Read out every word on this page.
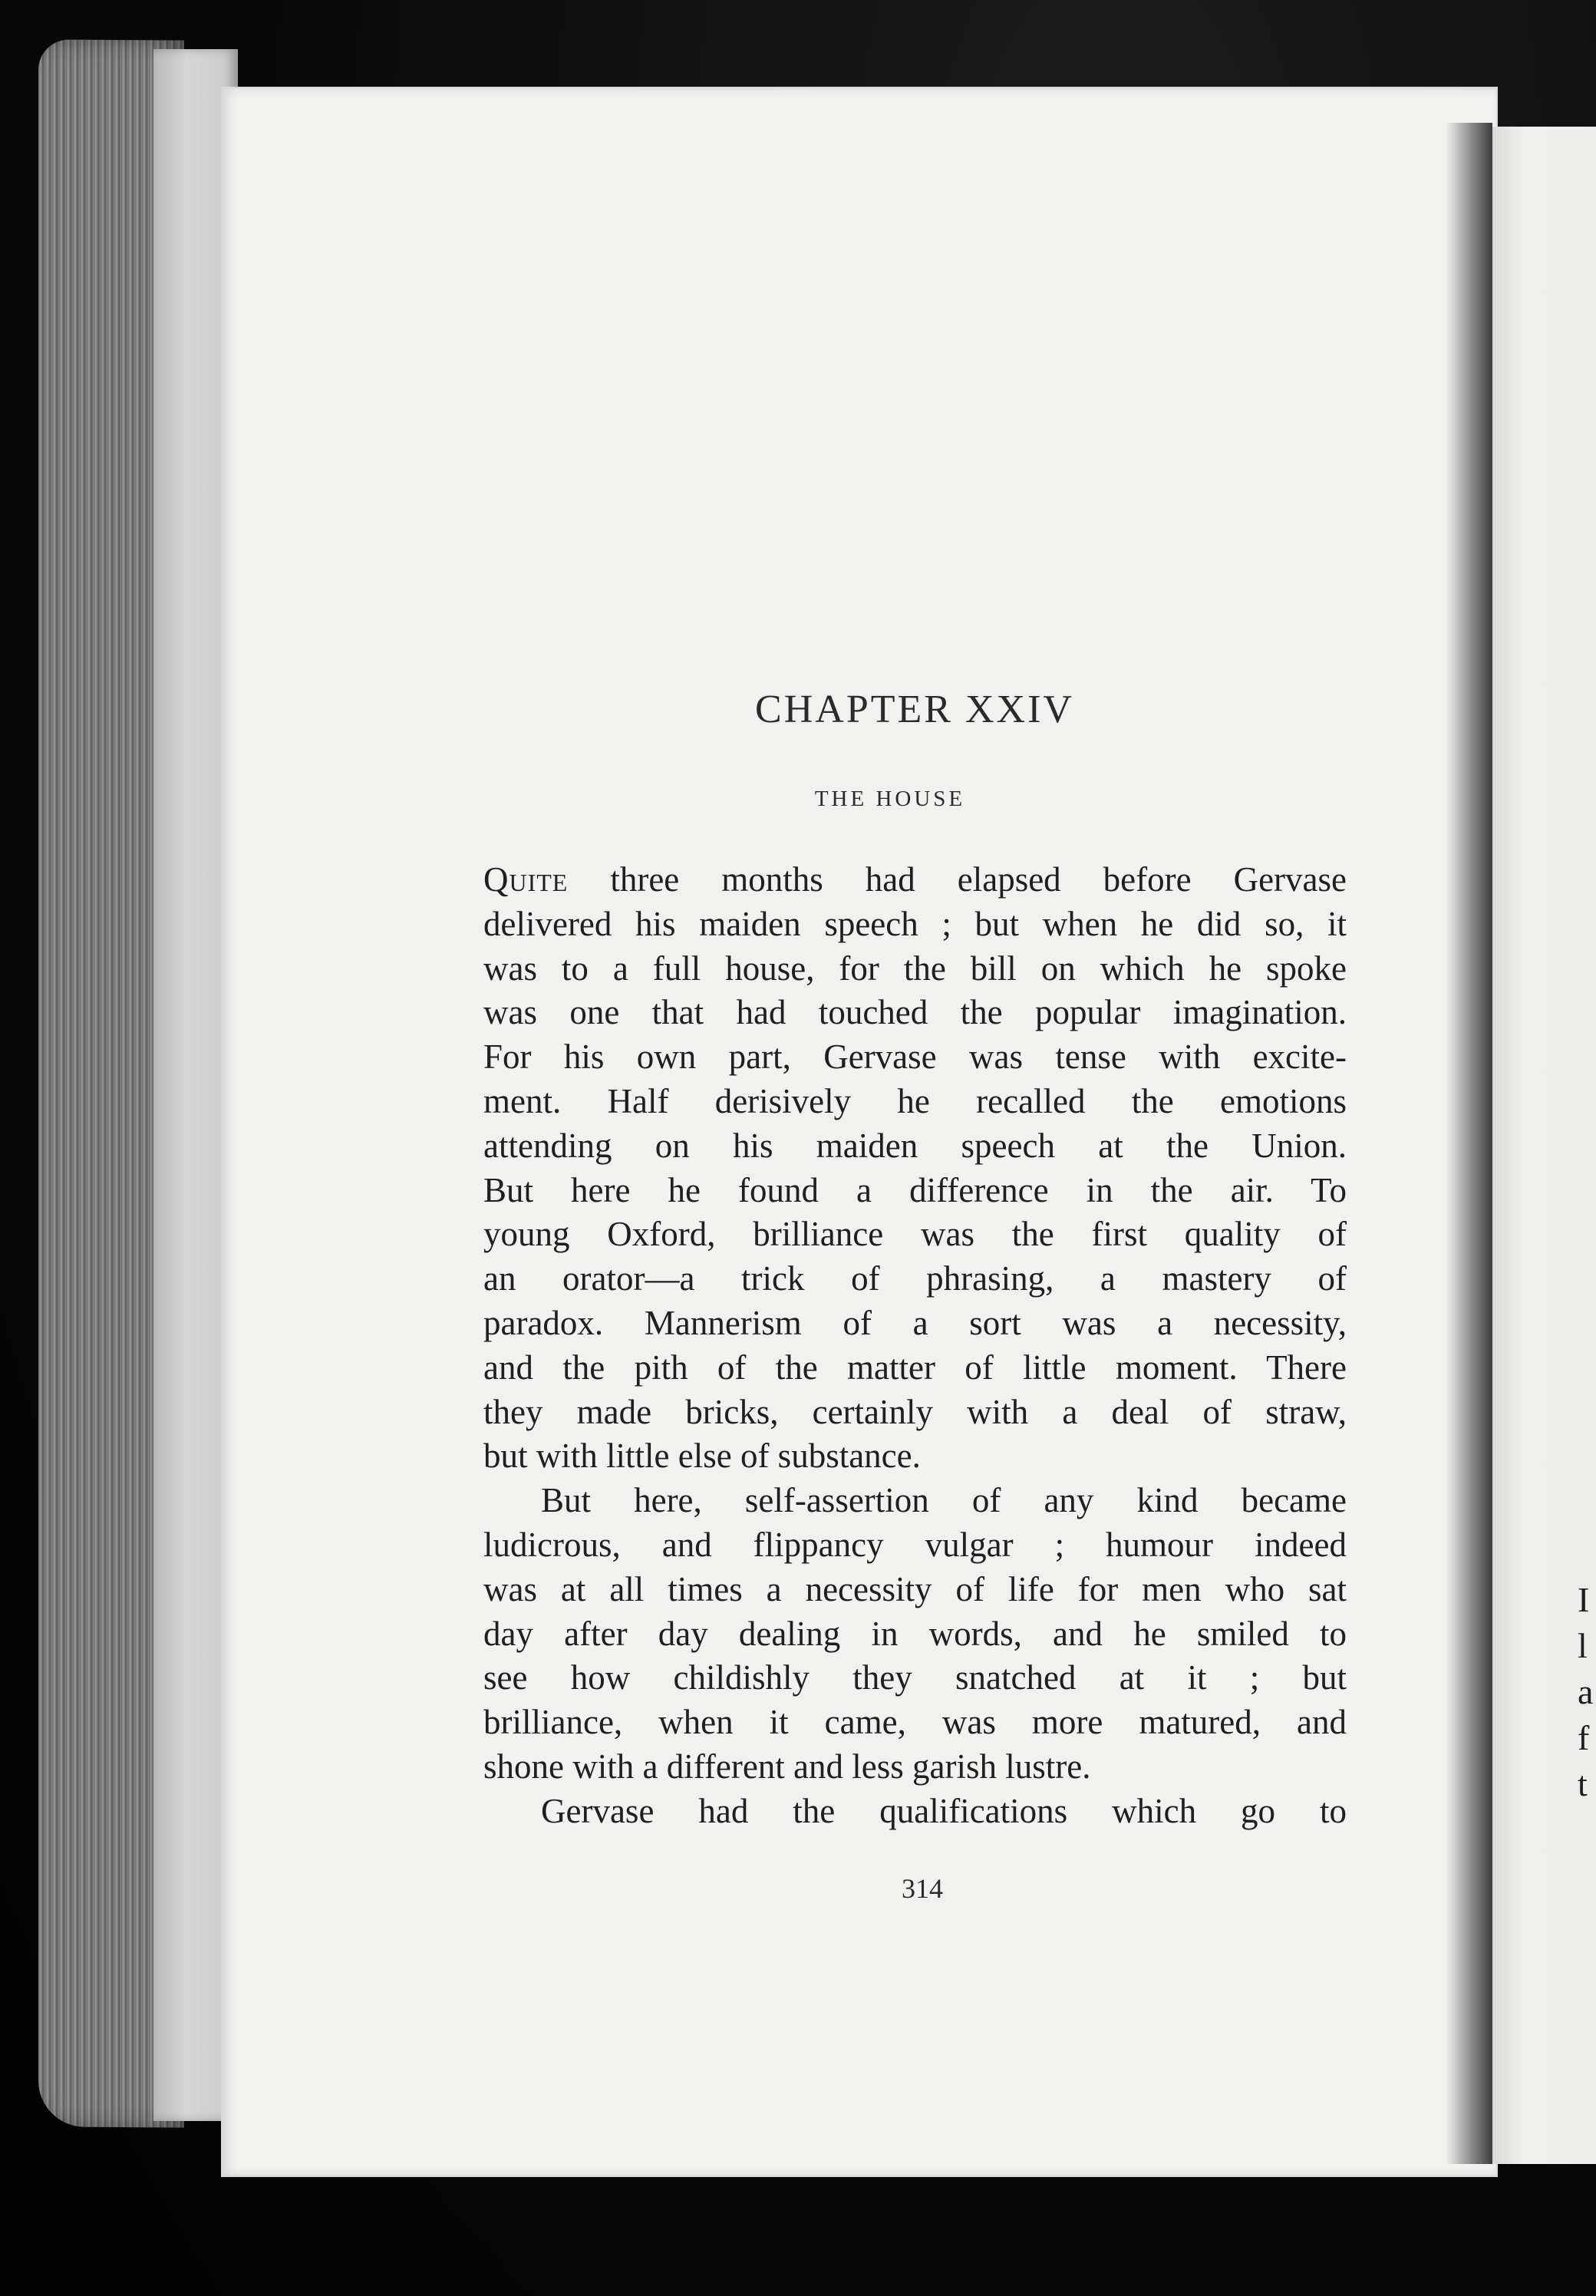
I
l
a
f
t
CHAPTER XXIV
THE HOUSE
Quite three months had elapsed before Gervase
delivered his maiden speech ; but when he did so, it
was to a full house, for the bill on which he spoke
was one that had touched the popular imagination.
For his own part, Gervase was tense with excite-
ment. Half derisively he recalled the emotions
attending on his maiden speech at the Union.
But here he found a difference in the air. To
young Oxford, brilliance was the first quality of
an orator—a trick of phrasing, a mastery of
paradox. Mannerism of a sort was a necessity,
and the pith of the matter of little moment. There
they made bricks, certainly with a deal of straw,
but with little else of substance.
But here, self-assertion of any kind became
ludicrous, and flippancy vulgar ; humour indeed
was at all times a necessity of life for men who sat
day after day dealing in words, and he smiled to
see how childishly they snatched at it ; but
brilliance, when it came, was more matured, and
shone with a different and less garish lustre.
Gervase had the qualifications which go to
314
